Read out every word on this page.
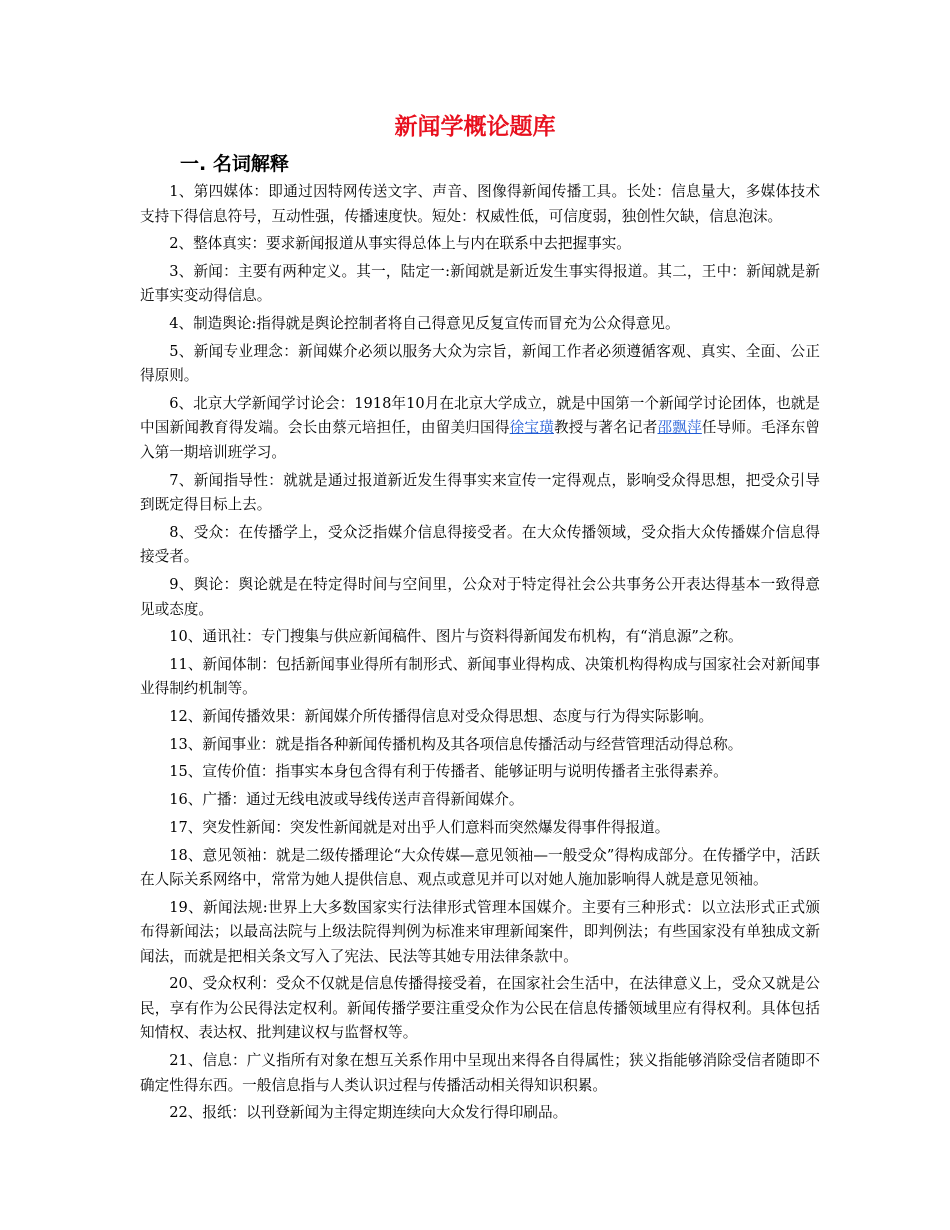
新闻学概论题库
一. 名词解释

1、第四媒体：即通过因特网传送文字、声音、图像得新闻传播工具。长处：信息量大，多媒体技术支持下得信息符号，互动性强，传播速度快。短处：权威性低，可信度弱，独创性欠缺，信息泡沫。

2、整体真实：要求新闻报道从事实得总体上与内在联系中去把握事实。

3、新闻：主要有两种定义。其一，陆定一:新闻就是新近发生事实得报道。其二，王中：新闻就是新近事实变动得信息。

4、制造舆论:指得就是舆论控制者将自己得意见反复宣传而冒充为公众得意见。

5、新闻专业理念：新闻媒介必须以服务大众为宗旨，新闻工作者必须遵循客观、真实、全面、公正得原则。

6、北京大学新闻学讨论会：1918年10月在北京大学成立，就是中国第一个新闻学讨论团体，也就是中国新闻教育得发端。会长由蔡元培担任，由留美归国得徐宝璜教授与著名记者邵飘萍任导师。毛泽东曾入第一期培训班学习。

7、新闻指导性：就就是通过报道新近发生得事实来宣传一定得观点，影响受众得思想，把受众引导到既定得目标上去。

8、受众：在传播学上，受众泛指媒介信息得接受者。在大众传播领域，受众指大众传播媒介信息得接受者。

9、舆论：舆论就是在特定得时间与空间里，公众对于特定得社会公共事务公开表达得基本一致得意见或态度。

10、通讯社：专门搜集与供应新闻稿件、图片与资料得新闻发布机构，有“消息源”之称。

11、新闻体制：包括新闻事业得所有制形式、新闻事业得构成、决策机构得构成与国家社会对新闻事业得制约机制等。

12、新闻传播效果：新闻媒介所传播得信息对受众得思想、态度与行为得实际影响。

13、新闻事业：就是指各种新闻传播机构及其各项信息传播活动与经营管理活动得总称。

15、宣传价值：指事实本身包含得有利于传播者、能够证明与说明传播者主张得素养。

16、广播：通过无线电波或导线传送声音得新闻媒介。

17、突发性新闻：突发性新闻就是对出乎人们意料而突然爆发得事件得报道。

18、意见领袖：就是二级传播理论“大众传媒—意见领袖—一般受众”得构成部分。在传播学中，活跃在人际关系网络中，常常为她人提供信息、观点或意见并可以对她人施加影响得人就是意见领袖。

19、新闻法规:世界上大多数国家实行法律形式管理本国媒介。主要有三种形式：以立法形式正式颁布得新闻法；以最高法院与上级法院得判例为标准来审理新闻案件，即判例法；有些国家没有单独成文新闻法，而就是把相关条文写入了宪法、民法等其她专用法律条款中。

20、受众权利：受众不仅就是信息传播得接受着，在国家社会生活中，在法律意义上，受众又就是公民，享有作为公民得法定权利。新闻传播学要注重受众作为公民在信息传播领域里应有得权利。具体包括知情权、表达权、批判建议权与监督权等。

21、信息：广义指所有对象在想互关系作用中呈现出来得各自得属性；狭义指能够消除受信者随即不确定性得东西。一般信息指与人类认识过程与传播活动相关得知识积累。

22、报纸：以刊登新闻为主得定期连续向大众发行得印刷品。
